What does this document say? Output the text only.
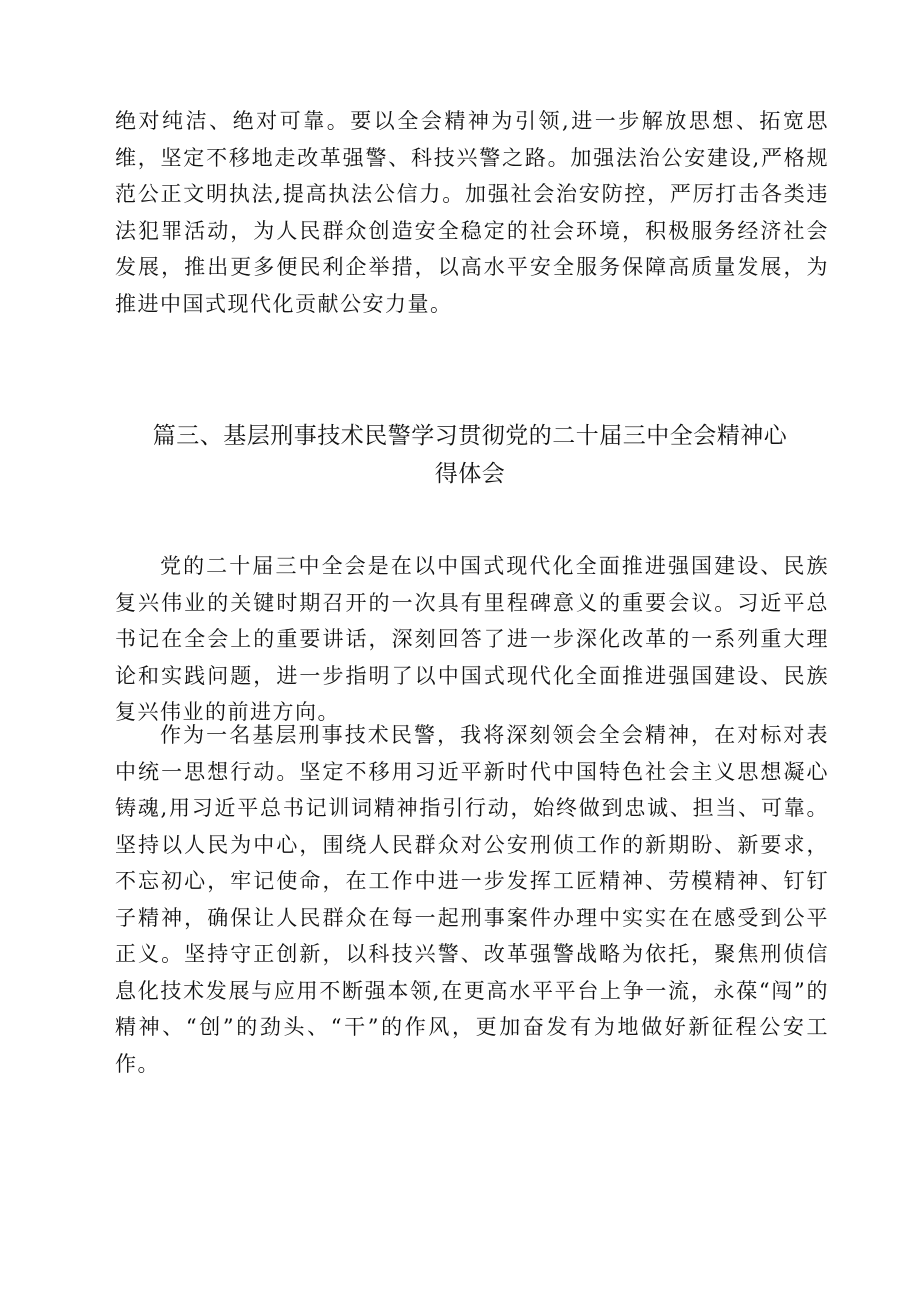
绝对纯洁、绝对可靠。要以全会精神为引领,进一步解放思想、拓宽思维，坚定不移地走改革强警、科技兴警之路。加强法治公安建设,严格规范公正文明执法,提高执法公信力。加强社会治安防控，严厉打击各类违法犯罪活动，为人民群众创造安全稳定的社会环境，积极服务经济社会发展，推出更多便民利企举措，以高水平安全服务保障高质量发展，为推进中国式现代化贡献公安力量。

篇三、基层刑事技术民警学习贯彻党的二十届三中全会精神心得体会

党的二十届三中全会是在以中国式现代化全面推进强国建设、民族复兴伟业的关键时期召开的一次具有里程碑意义的重要会议。习近平总书记在全会上的重要讲话，深刻回答了进一步深化改革的一系列重大理论和实践问题，进一步指明了以中国式现代化全面推进强国建设、民族复兴伟业的前进方向。

作为一名基层刑事技术民警，我将深刻领会全会精神，在对标对表中统一思想行动。坚定不移用习近平新时代中国特色社会主义思想凝心铸魂,用习近平总书记训词精神指引行动，始终做到忠诚、担当、可靠。坚持以人民为中心，围绕人民群众对公安刑侦工作的新期盼、新要求，不忘初心，牢记使命，在工作中进一步发挥工匠精神、劳模精神、钉钉子精神，确保让人民群众在每一起刑事案件办理中实实在在感受到公平正义。坚持守正创新，以科技兴警、改革强警战略为依托，聚焦刑侦信息化技术发展与应用不断强本领,在更高水平平台上争一流，永葆“闯”的精神、“创”的劲头、“干”的作风，更加奋发有为地做好新征程公安工作。
